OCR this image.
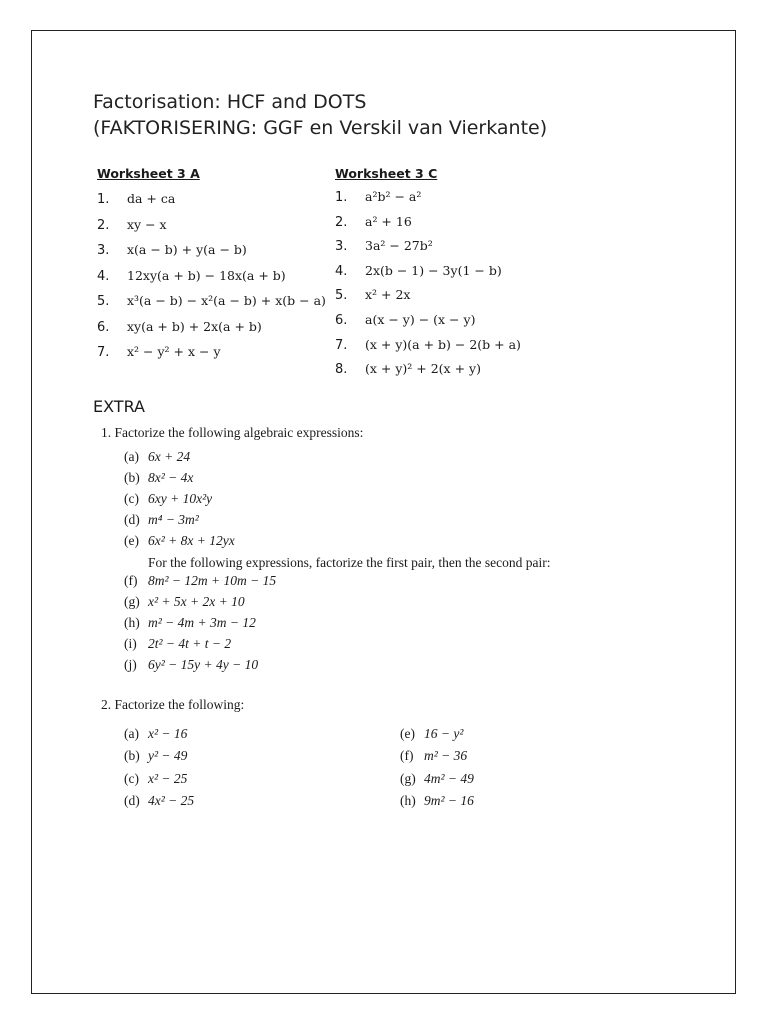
Factorisation: HCF and DOTS
(FAKTORISERING: GGF en Verskil van Vierkante)
Worksheet 3 A
1. da + ca
2. xy − x
3. x(a − b) + y(a − b)
4. 12xy(a + b) − 18x(a + b)
5. x³(a − b) − x²(a − b) + x(b − a)
6. xy(a + b) + 2x(a + b)
7. x² − y² + x − y
Worksheet 3 C
1. a²b² − a²
2. a² + 16
3. 3a² − 27b²
4. 2x(b − 1) − 3y(1 − b)
5. x² + 2x
6. a(x − y) − (x − y)
7. (x + y)(a + b) − 2(b + a)
8. (x + y)² + 2(x + y)
EXTRA
1. Factorize the following algebraic expressions:
(a) 6x + 24
(b) 8x² − 4x
(c) 6xy + 10x²y
(d) m⁴ − 3m²
(e) 6x² + 8x + 12yx
For the following expressions, factorize the first pair, then the second pair:
(f) 8m² − 12m + 10m − 15
(g) x² + 5x + 2x + 10
(h) m² − 4m + 3m − 12
(i) 2t² − 4t + t − 2
(j) 6y² − 15y + 4y − 10
2. Factorize the following:
(a) x² − 16
(b) y² − 49
(c) x² − 25
(d) 4x² − 25
(e) 16 − y²
(f) m² − 36
(g) 4m² − 49
(h) 9m² − 16
